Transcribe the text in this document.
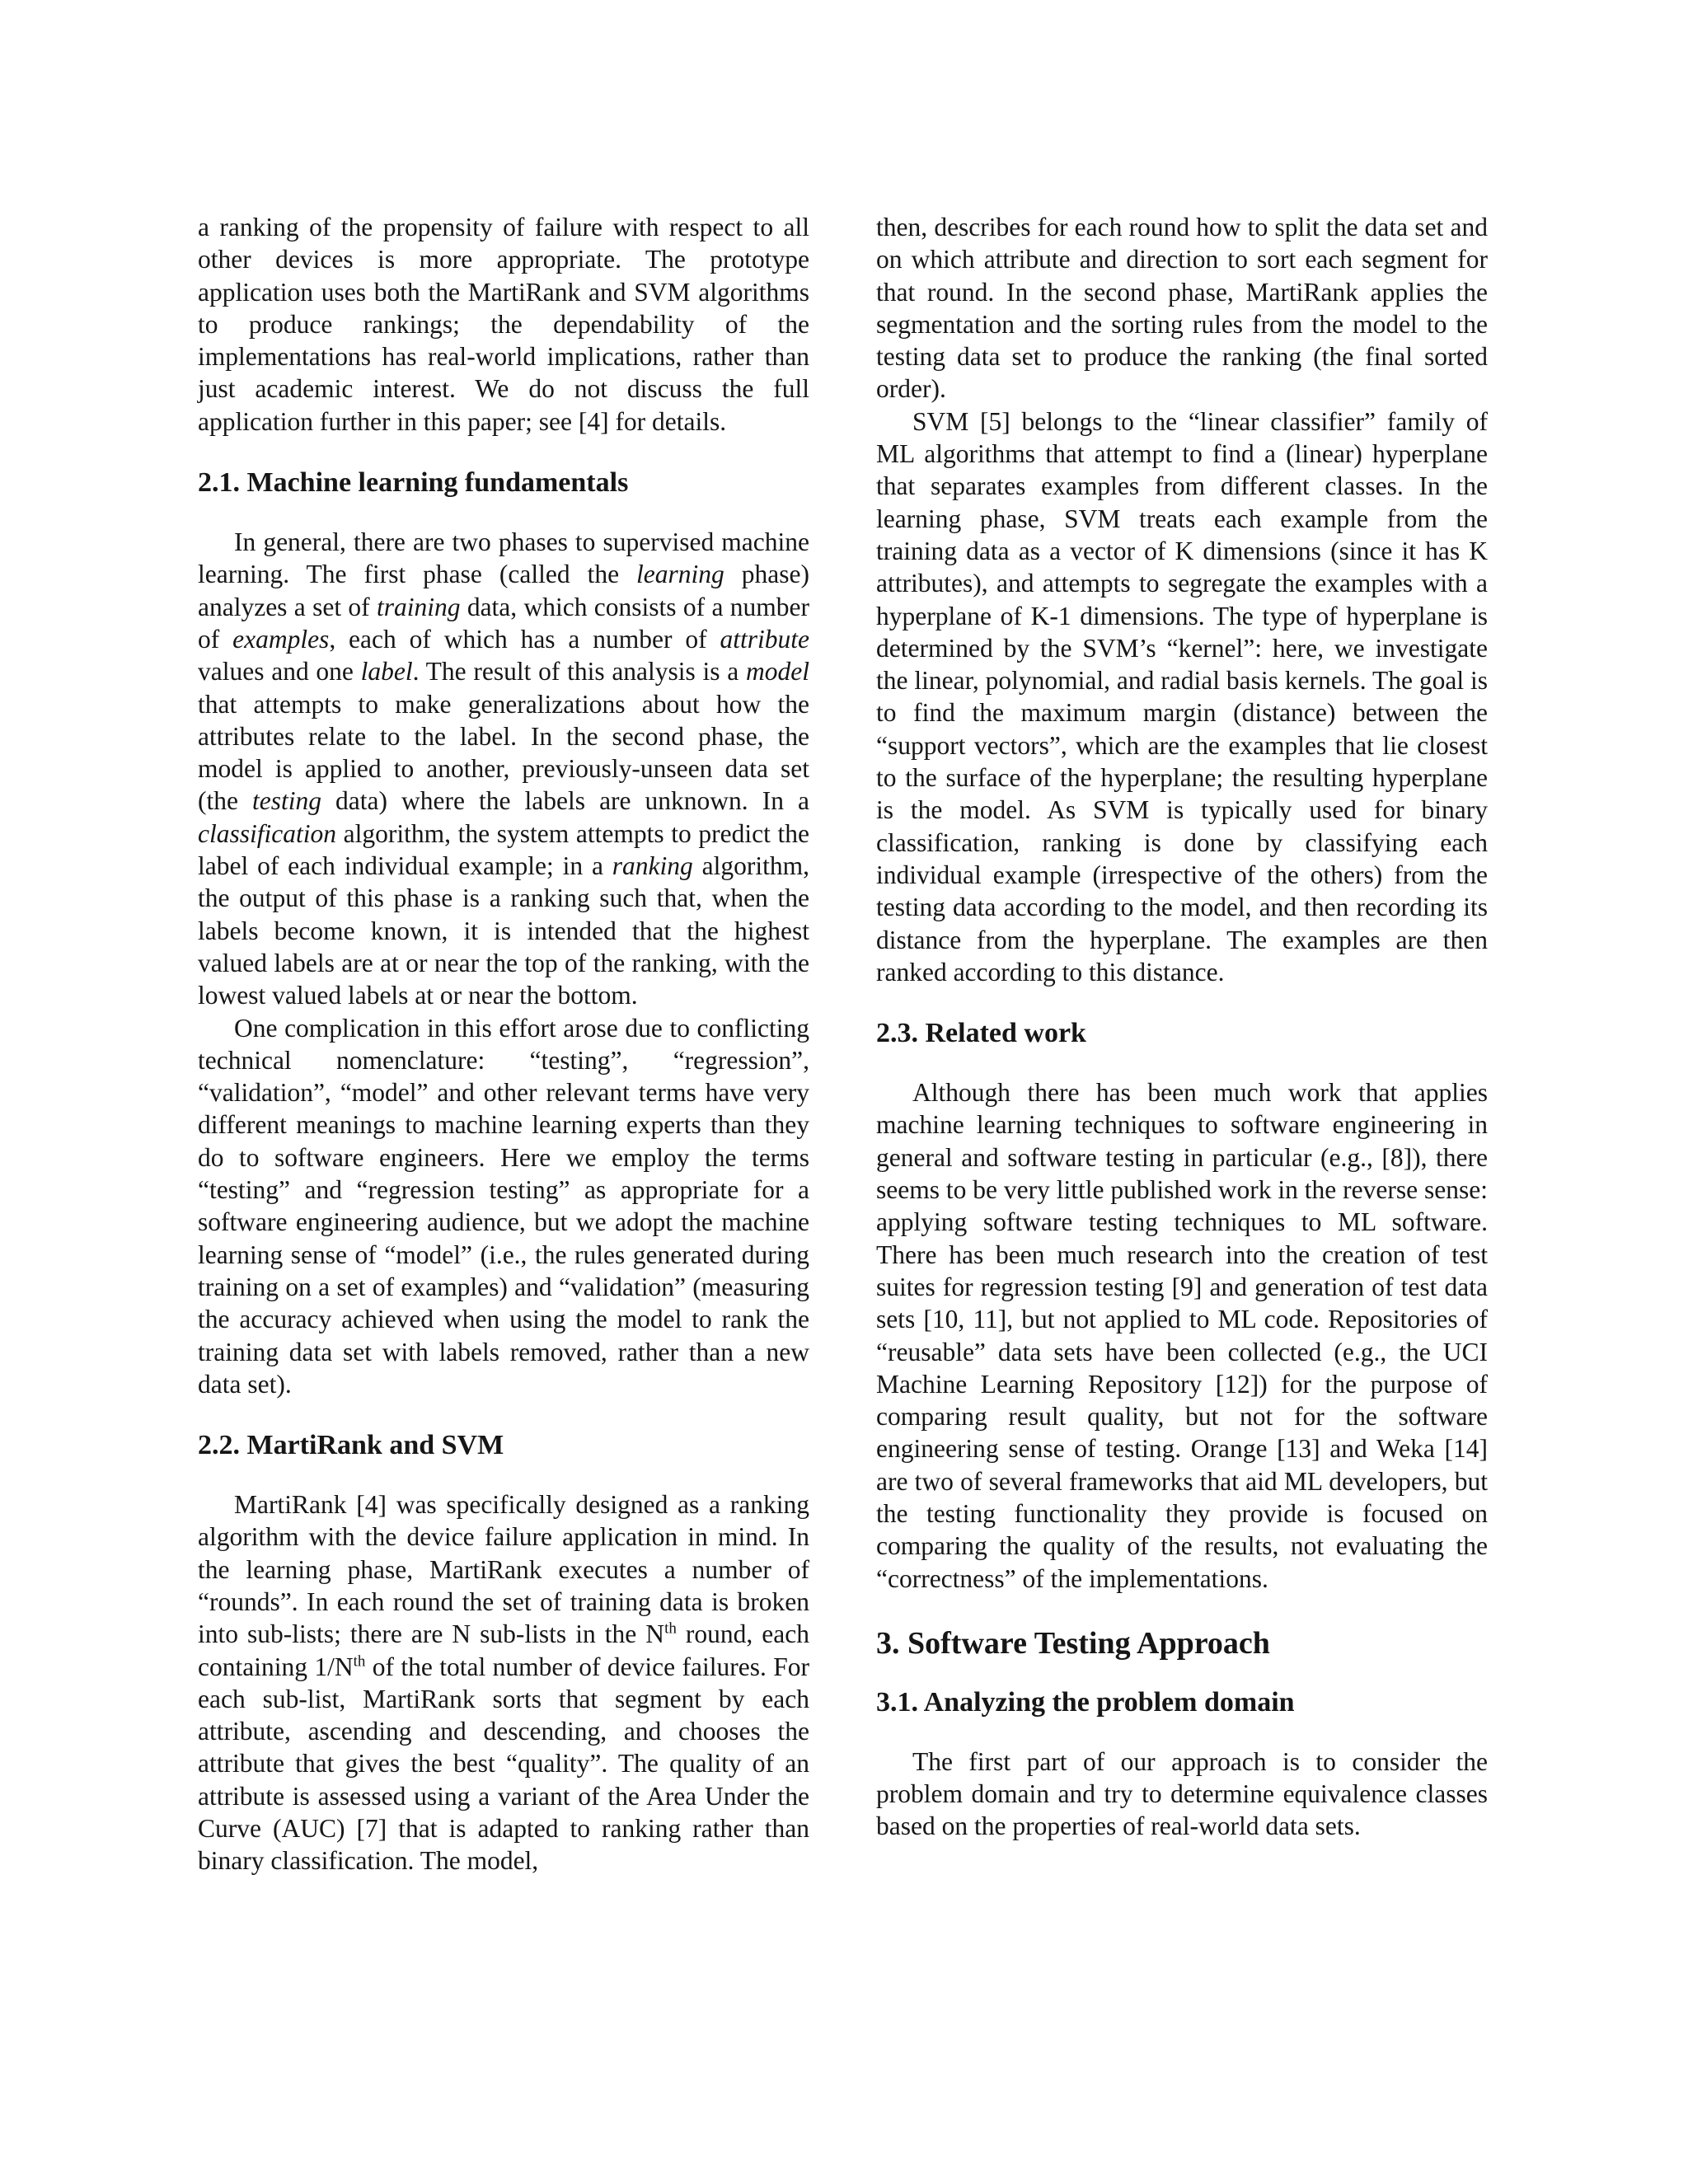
a ranking of the propensity of failure with respect to all other devices is more appropriate. The prototype application uses both the MartiRank and SVM algorithms to produce rankings; the dependability of the implementations has real-world implications, rather than just academic interest. We do not discuss the full application further in this paper; see [4] for details.

2.1. Machine learning fundamentals

In general, there are two phases to supervised machine learning. The first phase (called the learning phase) analyzes a set of training data, which consists of a number of examples, each of which has a number of attribute values and one label. The result of this analysis is a model that attempts to make generalizations about how the attributes relate to the label. In the second phase, the model is applied to another, previously-unseen data set (the testing data) where the labels are unknown. In a classification algorithm, the system attempts to predict the label of each individual example; in a ranking algorithm, the output of this phase is a ranking such that, when the labels become known, it is intended that the highest valued labels are at or near the top of the ranking, with the lowest valued labels at or near the bottom.

One complication in this effort arose due to conflicting technical nomenclature: “testing”, “regression”, “validation”, “model” and other relevant terms have very different meanings to machine learning experts than they do to software engineers. Here we employ the terms “testing” and “regression testing” as appropriate for a software engineering audience, but we adopt the machine learning sense of “model” (i.e., the rules generated during training on a set of examples) and “validation” (measuring the accuracy achieved when using the model to rank the training data set with labels removed, rather than a new data set).

2.2. MartiRank and SVM

MartiRank [4] was specifically designed as a ranking algorithm with the device failure application in mind. In the learning phase, MartiRank executes a number of “rounds”. In each round the set of training data is broken into sub-lists; there are N sub-lists in the $N^{th}$ round, each containing $1/N^{th}$ of the total number of device failures. For each sub-list, MartiRank sorts that segment by each attribute, ascending and descending, and chooses the attribute that gives the best “quality”. The quality of an attribute is assessed using a variant of the Area Under the Curve (AUC) [7] that is adapted to ranking rather than binary classification. The model,

then, describes for each round how to split the data set and on which attribute and direction to sort each segment for that round. In the second phase, MartiRank applies the segmentation and the sorting rules from the model to the testing data set to produce the ranking (the final sorted order).

SVM [5] belongs to the “linear classifier” family of ML algorithms that attempt to find a (linear) hyperplane that separates examples from different classes. In the learning phase, SVM treats each example from the training data as a vector of K dimensions (since it has K attributes), and attempts to segregate the examples with a hyperplane of K-1 dimensions. The type of hyperplane is determined by the SVM’s “kernel”: here, we investigate the linear, polynomial, and radial basis kernels. The goal is to find the maximum margin (distance) between the “support vectors”, which are the examples that lie closest to the surface of the hyperplane; the resulting hyperplane is the model. As SVM is typically used for binary classification, ranking is done by classifying each individual example (irrespective of the others) from the testing data according to the model, and then recording its distance from the hyperplane. The examples are then ranked according to this distance.

2.3. Related work

Although there has been much work that applies machine learning techniques to software engineering in general and software testing in particular (e.g., [8]), there seems to be very little published work in the reverse sense: applying software testing techniques to ML software. There has been much research into the creation of test suites for regression testing [9] and generation of test data sets [10, 11], but not applied to ML code. Repositories of “reusable” data sets have been collected (e.g., the UCI Machine Learning Repository [12]) for the purpose of comparing result quality, but not for the software engineering sense of testing. Orange [13] and Weka [14] are two of several frameworks that aid ML developers, but the testing functionality they provide is focused on comparing the quality of the results, not evaluating the “correctness” of the implementations.

3. Software Testing Approach
3.1. Analyzing the problem domain

The first part of our approach is to consider the problem domain and try to determine equivalence classes based on the properties of real-world data sets.
